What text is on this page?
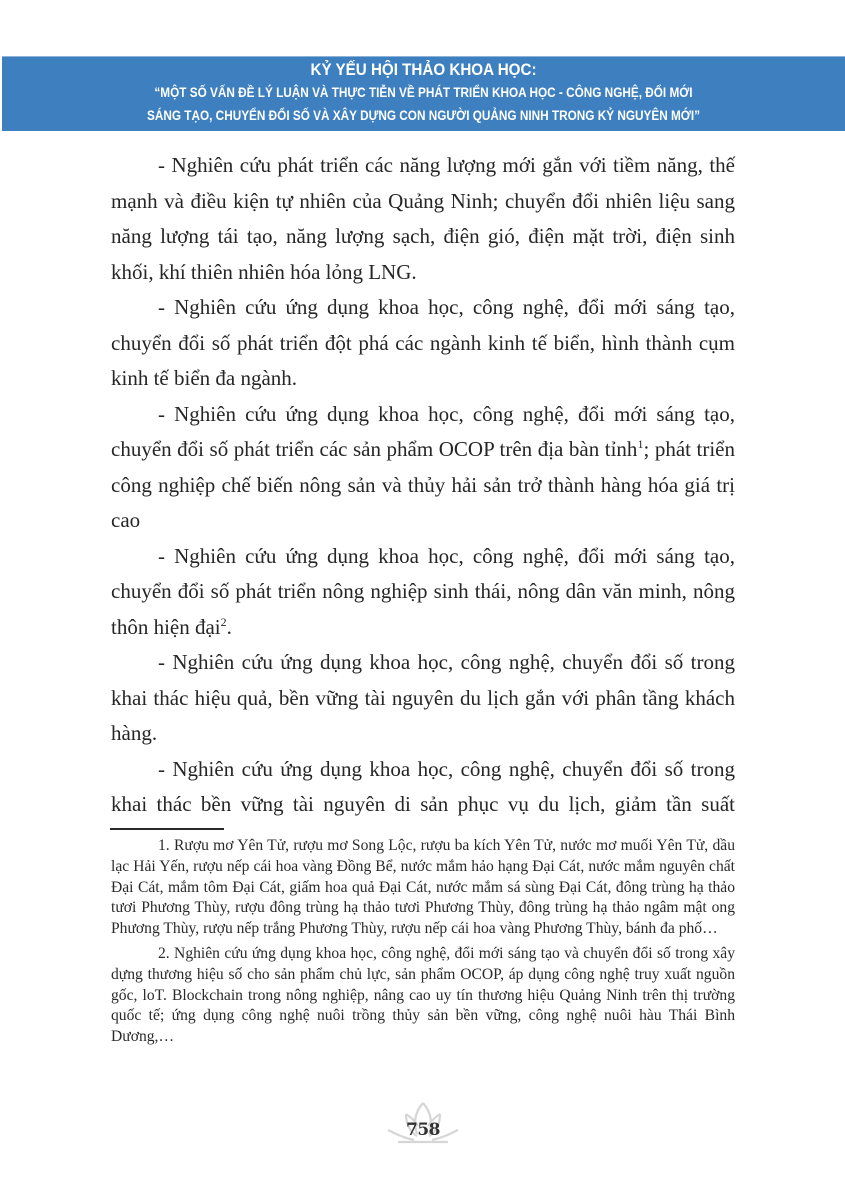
KỶ YẾU HỘI THẢO KHOA HỌC:
“MỘT SỐ VẤN ĐỀ LÝ LUẬN VÀ THỰC TIỄN VỀ PHÁT TRIỂN KHOA HỌC - CÔNG NGHỆ, ĐỔI MỚI
SÁNG TẠO, CHUYỂN ĐỔI SỐ VÀ XÂY DỰNG CON NGƯỜI QUẢNG NINH TRONG KỶ NGUYÊN MỚI”

- Nghiên cứu phát triển các năng lượng mới gắn với tiềm năng, thế mạnh và điều kiện tự nhiên của Quảng Ninh; chuyển đổi nhiên liệu sang năng lượng tái tạo, năng lượng sạch, điện gió, điện mặt trời, điện sinh khối, khí thiên nhiên hóa lỏng LNG.

- Nghiên cứu ứng dụng khoa học, công nghệ, đổi mới sáng tạo, chuyển đổi số phát triển đột phá các ngành kinh tế biển, hình thành cụm kinh tế biển đa ngành.

- Nghiên cứu ứng dụng khoa học, công nghệ, đổi mới sáng tạo, chuyển đổi số phát triển các sản phẩm OCOP trên địa bàn tỉnh$^1$; phát triển công nghiệp chế biến nông sản và thủy hải sản trở thành hàng hóa giá trị cao

- Nghiên cứu ứng dụng khoa học, công nghệ, đổi mới sáng tạo, chuyển đổi số phát triển nông nghiệp sinh thái, nông dân văn minh, nông thôn hiện đại$^2$.

- Nghiên cứu ứng dụng khoa học, công nghệ, chuyển đổi số trong khai thác hiệu quả, bền vững tài nguyên du lịch gắn với phân tầng khách hàng.

- Nghiên cứu ứng dụng khoa học, công nghệ, chuyển đổi số trong khai thác bền vững tài nguyên di sản phục vụ du lịch, giảm tần suất

1. Rượu mơ Yên Tử, rượu mơ Song Lộc, rượu ba kích Yên Tử, nước mơ muối Yên Tử, dầu lạc Hải Yến, rượu nếp cái hoa vàng Đồng Bể, nước mắm hảo hạng Đại Cát, nước mắm nguyên chất Đại Cát, mắm tôm Đại Cát, giấm hoa quả Đại Cát, nước mắm sá sùng Đại Cát, đông trùng hạ thảo tươi Phương Thùy, rượu đông trùng hạ thảo tươi Phương Thùy, đông trùng hạ thảo ngâm mật ong Phương Thùy, rượu nếp trắng Phương Thùy, rượu nếp cái hoa vàng Phương Thùy, bánh đa phố…

2. Nghiên cứu ứng dụng khoa học, công nghệ, đổi mới sáng tạo và chuyển đổi số trong xây dựng thương hiệu số cho sản phẩm chủ lực, sản phẩm OCOP, áp dụng công nghệ truy xuất nguồn gốc, loT. Blockchain trong nông nghiệp, nâng cao uy tín thương hiệu Quảng Ninh trên thị trường quốc tế; ứng dụng công nghệ nuôi trồng thủy sản bền vững, công nghệ nuôi hàu Thái Bình Dương,…

758
